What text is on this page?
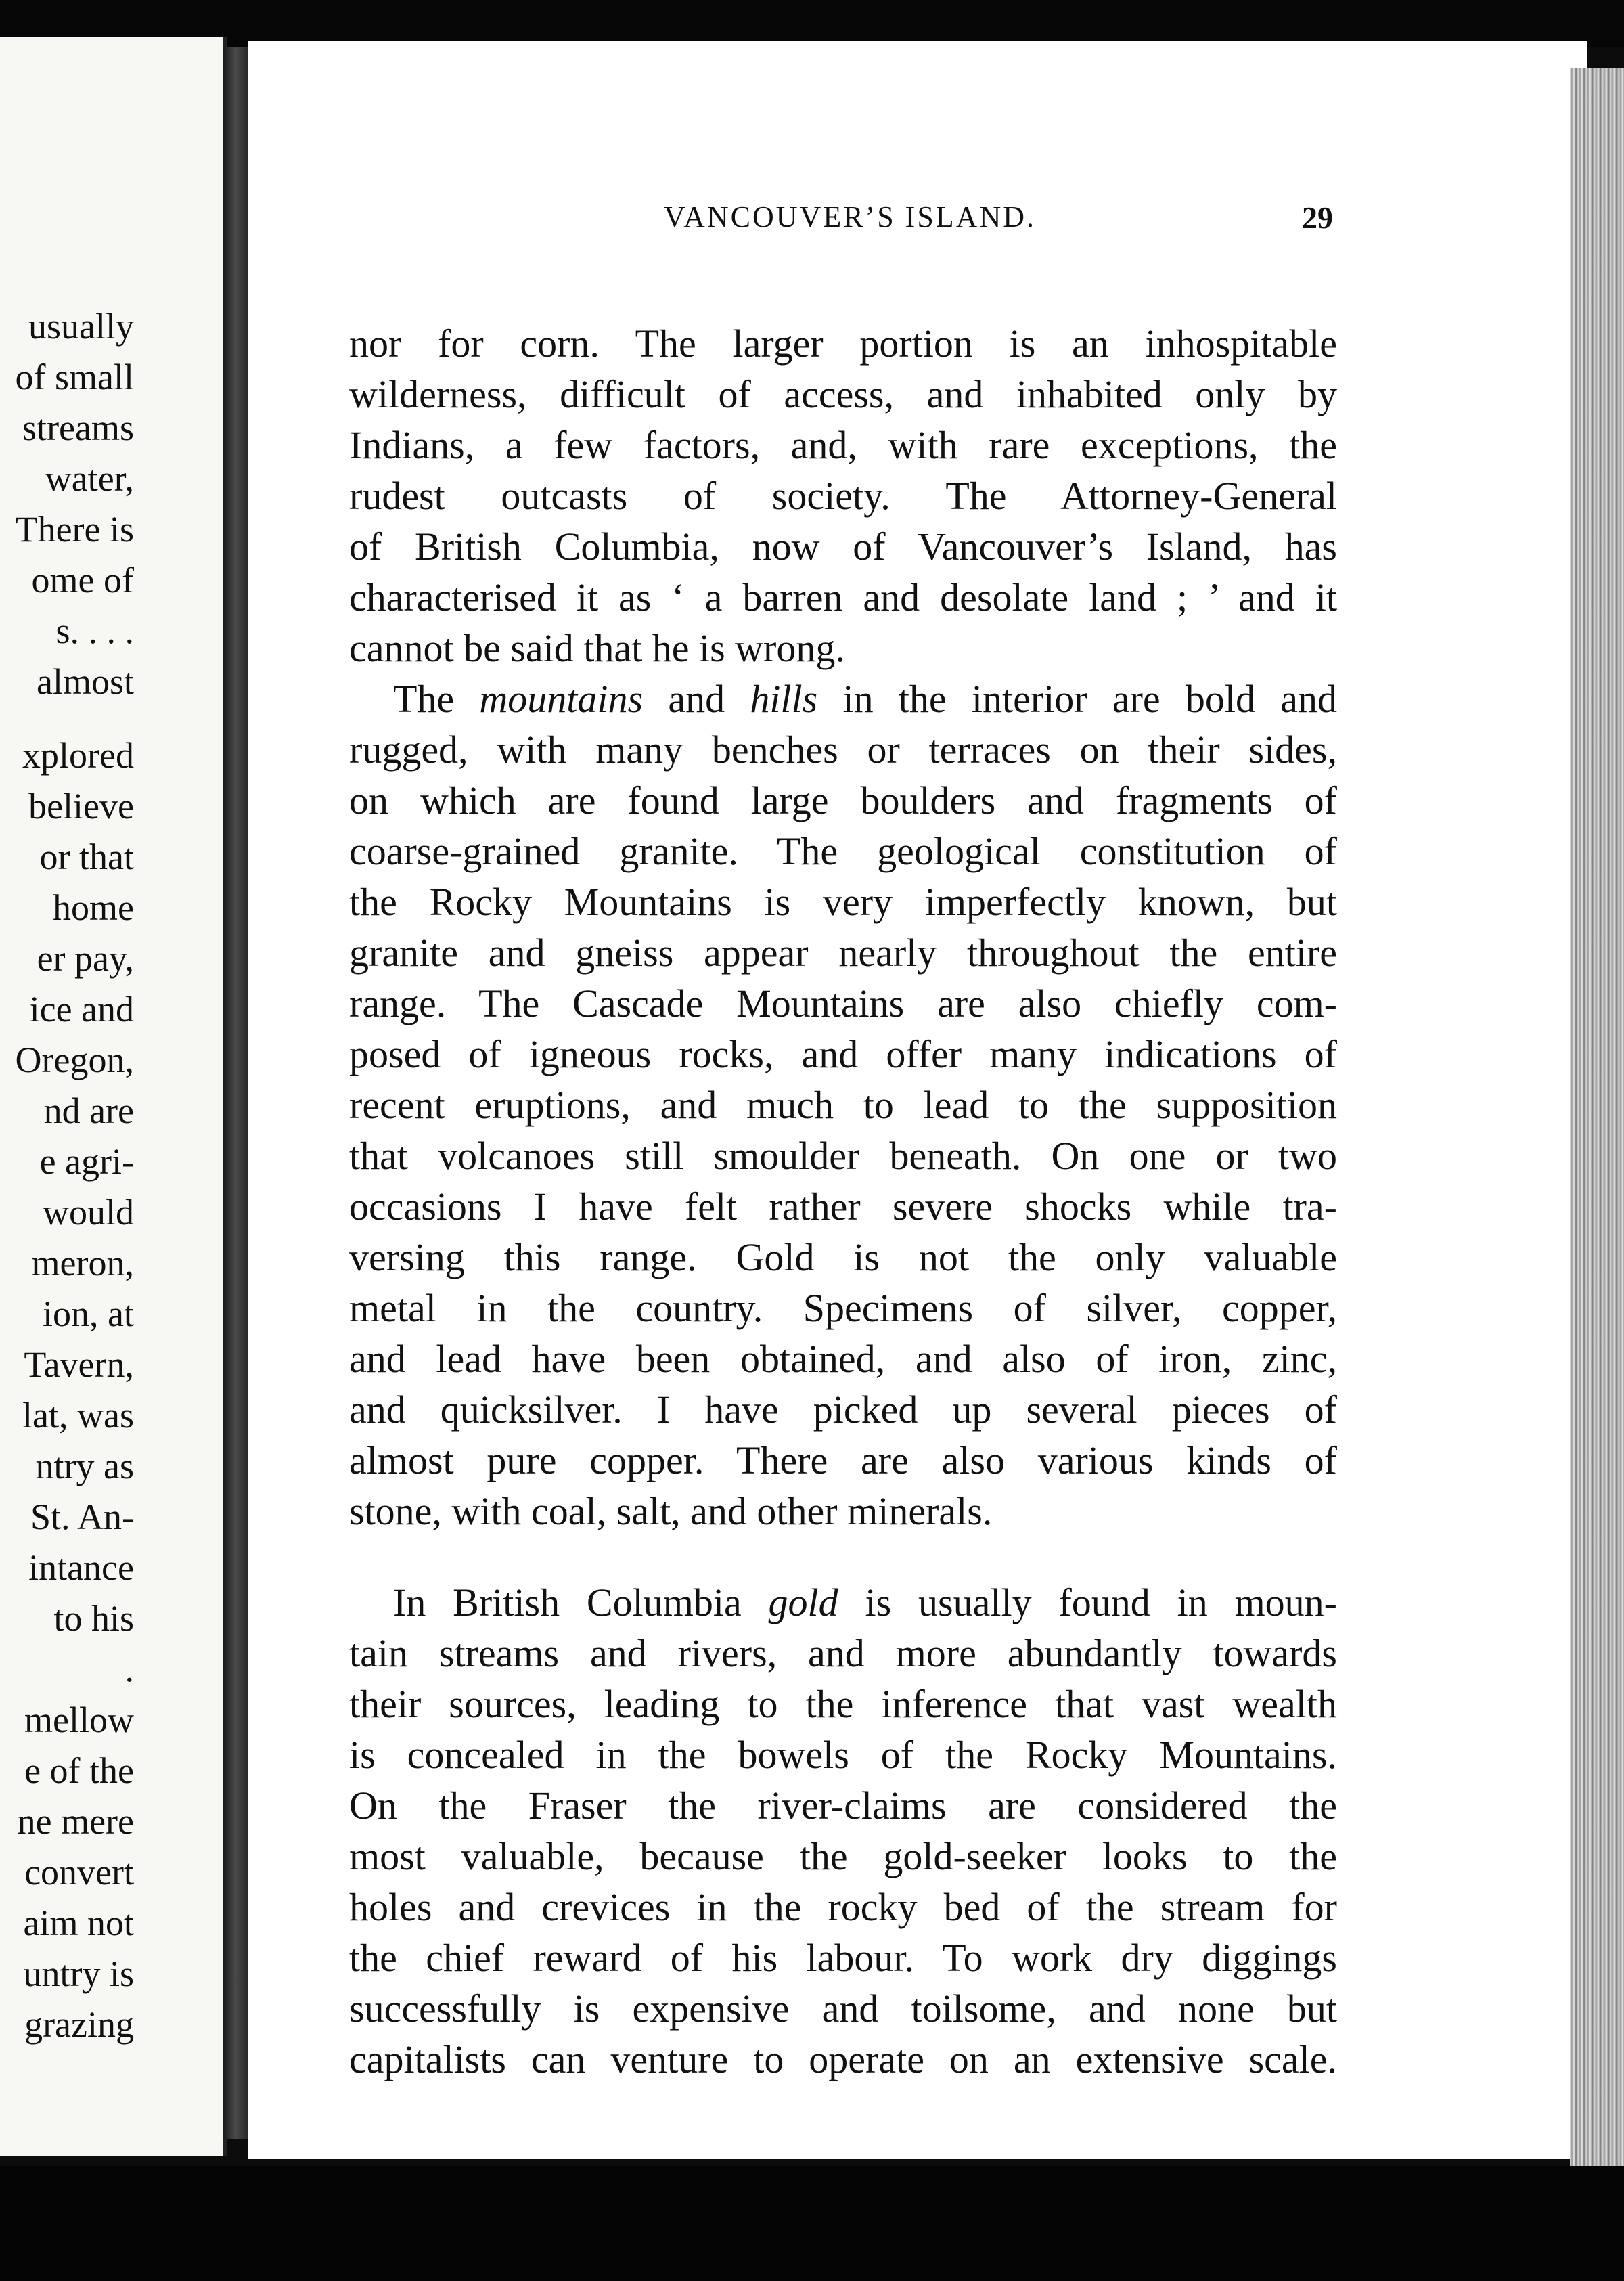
usually
of small
streams
water,
There is
ome of
s. . . .
almost
xplored
believe
or that
home
er pay,
ice and
Oregon,
nd are
e agri-
would
meron,
ion, at
Tavern,
lat, was
ntry as
St. An-
intance
to his
.
mellow
e of the
ne mere
convert
aim not
untry is
grazing
VANCOUVER’S ISLAND.	29
nor for corn. The larger portion is an inhospitable
wilderness, difficult of access, and inhabited only by
Indians, a few factors, and, with rare exceptions, the
rudest outcasts of society. The Attorney-General
of British Columbia, now of Vancouver’s Island, has
characterised it as ‘ a barren and desolate land ; ’ and it
cannot be said that he is wrong.
The mountains and hills in the interior are bold and
rugged, with many benches or terraces on their sides,
on which are found large boulders and fragments of
coarse-grained granite. The geological constitution of
the Rocky Mountains is very imperfectly known, but
granite and gneiss appear nearly throughout the entire
range. The Cascade Mountains are also chiefly com-
posed of igneous rocks, and offer many indications of
recent eruptions, and much to lead to the supposition
that volcanoes still smoulder beneath. On one or two
occasions I have felt rather severe shocks while tra-
versing this range. Gold is not the only valuable
metal in the country. Specimens of silver, copper,
and lead have been obtained, and also of iron, zinc,
and quicksilver. I have picked up several pieces of
almost pure copper. There are also various kinds of
stone, with coal, salt, and other minerals.
In British Columbia gold is usually found in moun-
tain streams and rivers, and more abundantly towards
their sources, leading to the inference that vast wealth
is concealed in the bowels of the Rocky Mountains.
On the Fraser the river-claims are considered the
most valuable, because the gold-seeker looks to the
holes and crevices in the rocky bed of the stream for
the chief reward of his labour. To work dry diggings
successfully is expensive and toilsome, and none but
capitalists can venture to operate on an extensive scale.
